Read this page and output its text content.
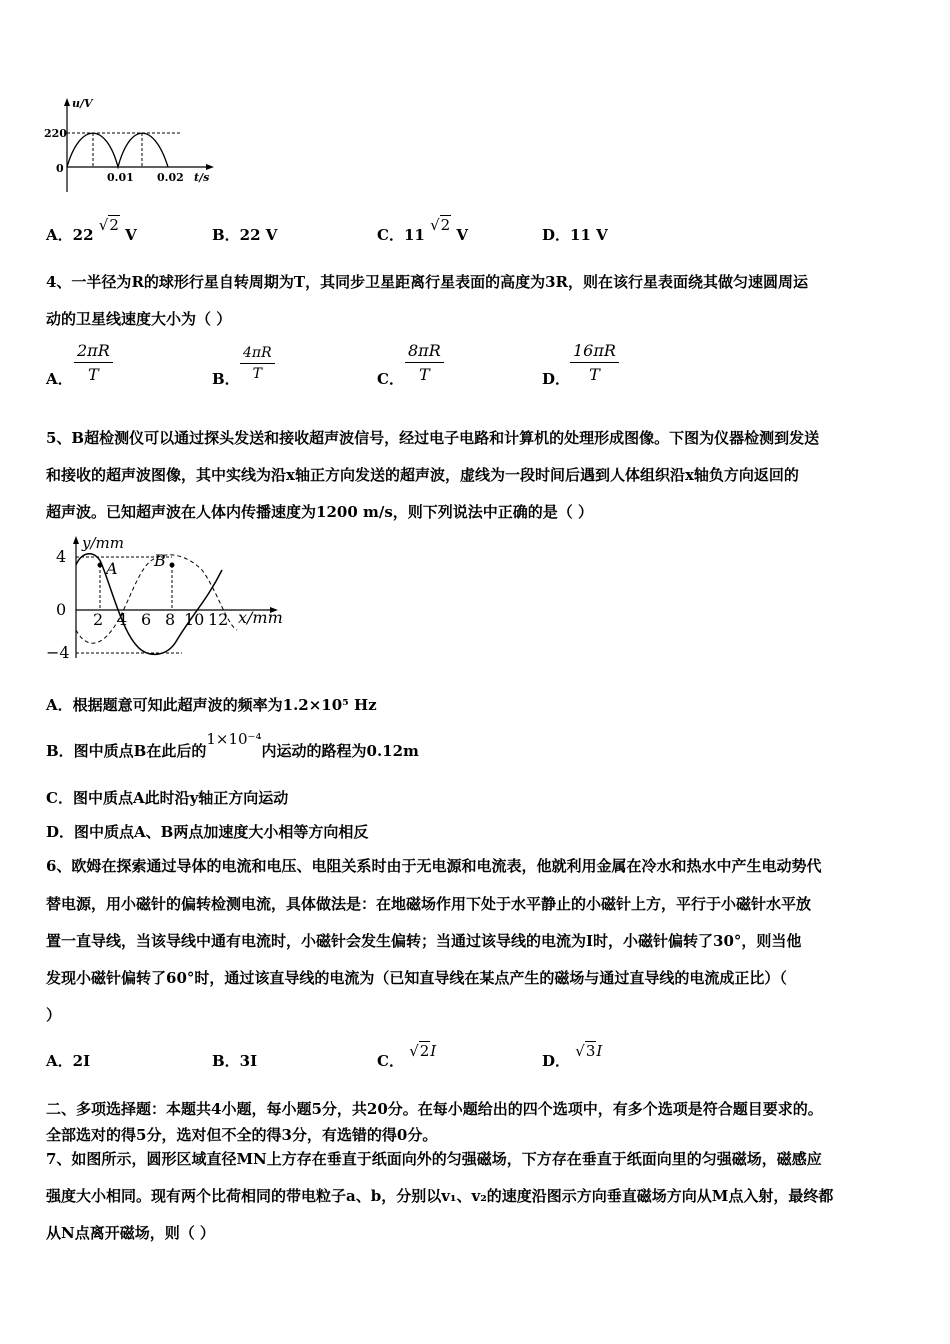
u/V
220
0
0.01 0.02 t/s
A．22 √2 V	B．22 V	C．11 √2 V	D．11 V
4、一半径为R的球形行星自转周期为T，其同步卫星距离行星表面的高度为3R，则在该行星表面绕其做匀速圆周运
动的卫星线速度大小为（ ）
A． $\frac{2\pi R}{T}$	B． $\frac{4\pi R}{T}$	C． $\frac{8\pi R}{T}$	D． $\frac{16\pi R}{T}$
5、B超检测仪可以通过探头发送和接收超声波信号，经过电子电路和计算机的处理形成图像。下图为仪器检测到发送
和接收的超声波图像，其中实线为沿x轴正方向发送的超声波，虚线为一段时间后遇到人体组织沿x轴负方向返回的
超声波。已知超声波在人体内传播速度为1200 m/s，则下列说法中正确的是（ ）
y/mm
4
0
−4
2 4 6 8 10 12 x/mm
A B
A．根据题意可知此超声波的频率为1.2×10⁵ Hz
B．图中质点B在此后的1×10⁻⁴内运动的路程为0.12m
C．图中质点A此时沿y轴正方向运动
D．图中质点A、B两点加速度大小相等方向相反
6、欧姆在探索通过导体的电流和电压、电阻关系时由于无电源和电流表，他就利用金属在冷水和热水中产生电动势代
替电源，用小磁针的偏转检测电流，具体做法是：在地磁场作用下处于水平静止的小磁针上方，平行于小磁针水平放
置一直导线，当该导线中通有电流时，小磁针会发生偏转；当通过该导线的电流为I时，小磁针偏转了30°，则当他
发现小磁针偏转了60°时，通过该直导线的电流为（已知直导线在某点产生的磁场与通过直导线的电流成正比）（
）
A．2I	B．3I	C． √2I
D． √3I
二、多项选择题：本题共4小题，每小题5分，共20分。在每小题给出的四个选项中，有多个选项是符合题目要求的。
全部选对的得5分，选对但不全的得3分，有选错的得0分。
7、如图所示，圆形区域直径MN上方存在垂直于纸面向外的匀强磁场，下方存在垂直于纸面向里的匀强磁场，磁感应
强度大小相同。现有两个比荷相同的带电粒子a、b，分别以v₁、v₂的速度沿图示方向垂直磁场方向从M点入射，最终都
从N点离开磁场，则（ ）
